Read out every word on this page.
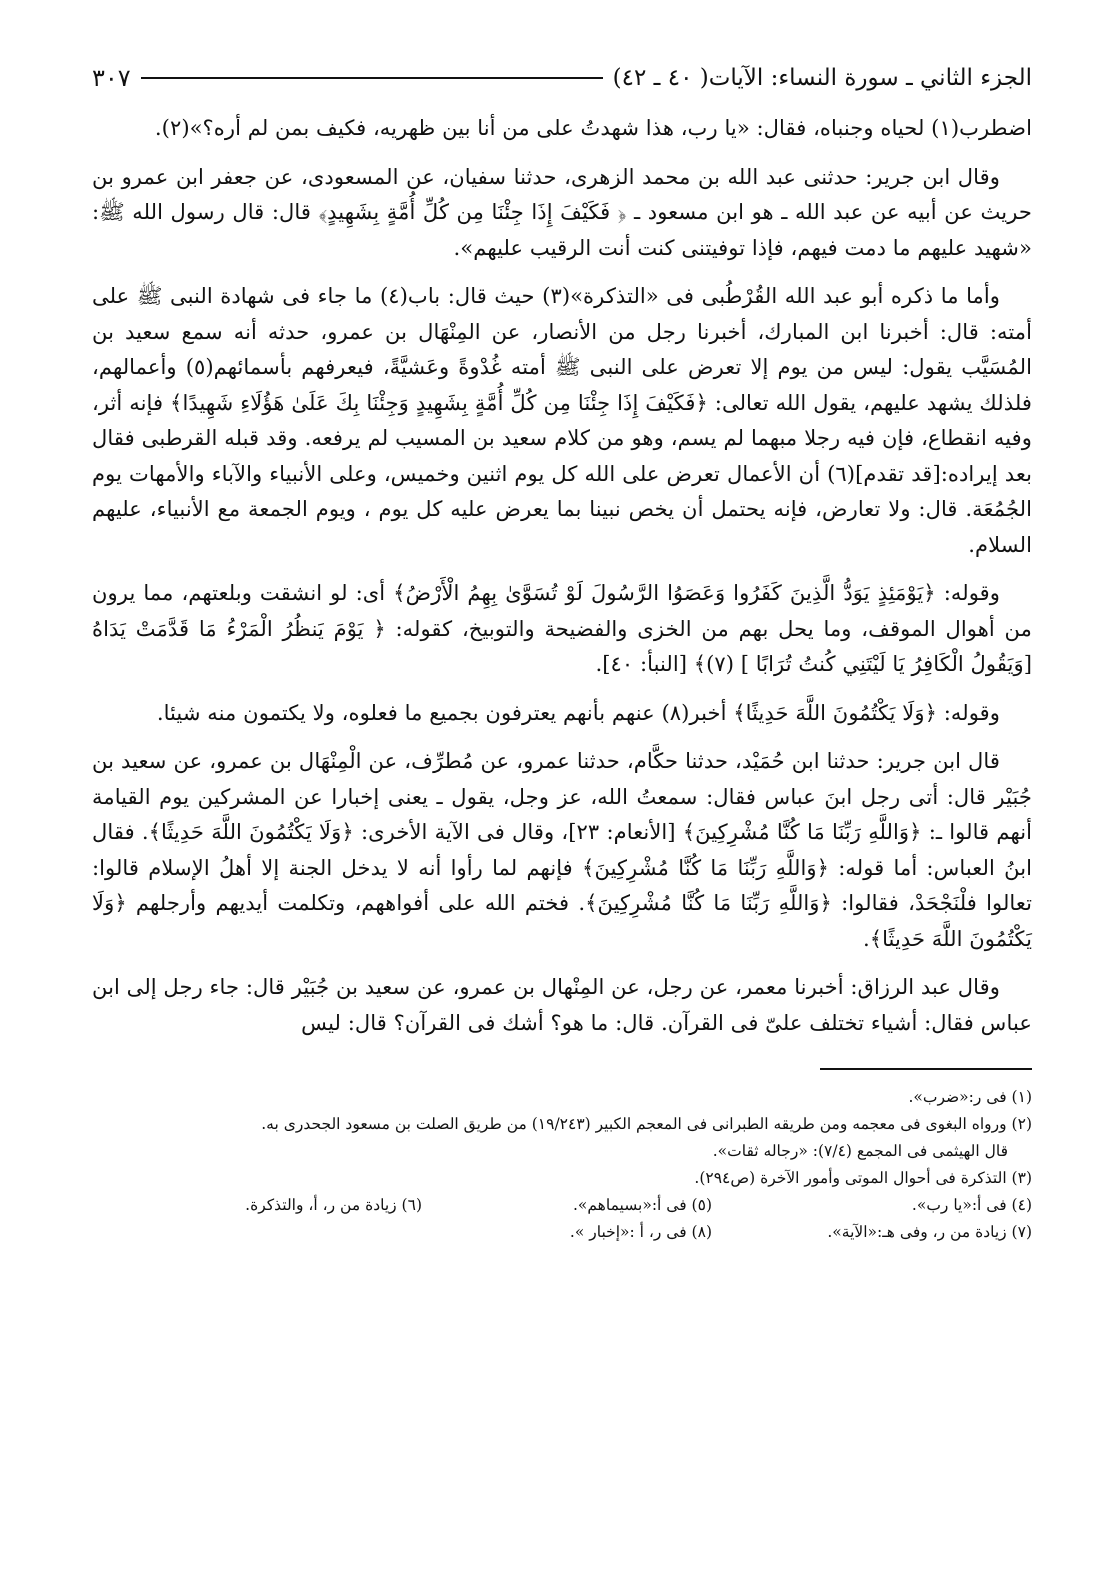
الجزء الثاني ـ سورة النساء: الآيات( ٤٠ ـ ٤٢)
٣٠٧

اضطرب(١) لحياه وجنباه، فقال: «يا رب، هذا شهدتُ على من أنا بين ظهريه، فكيف بمن لم أره؟»(٢).

وقال ابن جرير: حدثنى عبد الله بن محمد الزهرى، حدثنا سفيان، عن المسعودى، عن جعفر ابن عمرو بن حريث عن أبيه عن عبد الله ـ هو ابن مسعود ـ ﴿ فَكَيْفَ إِذَا جِئْنَا مِن كُلِّ أُمَّةٍ بِشَهِيدٍ﴾ قال: قال رسول الله ﷺ: «شهيد عليهم ما دمت فيهم، فإذا توفيتنى كنت أنت الرقيب عليهم».

وأما ما ذكره أبو عبد الله القُرْطُبى فى «التذكرة»(٣) حيث قال: باب(٤) ما جاء فى شهادة النبى ﷺ على أمته: قال: أخبرنا ابن المبارك، أخبرنا رجل من الأنصار، عن المِنْهَال بن عمرو، حدثه أنه سمع سعيد بن المُسَيَّب يقول: ليس من يوم إلا تعرض على النبى ﷺ أمته غُدْوةً وعَشيَّةً، فيعرفهم بأسمائهم(٥) وأعمالهم، فلذلك يشهد عليهم، يقول الله تعالى: ﴿فَكَيْفَ إِذَا جِئْنَا مِن كُلِّ أُمَّةٍ بِشَهِيدٍ وَجِئْنَا بِكَ عَلَىٰ هَؤُلَاءِ شَهِيدًا﴾ فإنه أثر، وفيه انقطاع، فإن فيه رجلا مبهما لم يسم، وهو من كلام سعيد بن المسيب لم يرفعه. وقد قبله القرطبى فقال بعد إيراده:[قد تقدم](٦) أن الأعمال تعرض على الله كل يوم اثنين وخميس، وعلى الأنبياء والآباء والأمهات يوم الجُمُعَة. قال: ولا تعارض، فإنه يحتمل أن يخص نبينا بما يعرض عليه كل يوم ، ويوم الجمعة مع الأنبياء، عليهم السلام.

وقوله: ﴿يَوْمَئِذٍ يَوَدُّ الَّذِينَ كَفَرُوا وَعَصَوُا الرَّسُولَ لَوْ تُسَوَّىٰ بِهِمُ الْأَرْضُ﴾ أى: لو انشقت وبلعتهم، مما يرون من أهوال الموقف، وما يحل بهم من الخزى والفضيحة والتوبيخ، كقوله: ﴿ يَوْمَ يَنظُرُ الْمَرْءُ مَا قَدَّمَتْ يَدَاهُ [وَيَقُولُ الْكَافِرُ يَا لَيْتَنِي كُنتُ تُرَابًا ] (٧)﴾ [النبأ: ٤٠].

وقوله: ﴿وَلَا يَكْتُمُونَ اللَّهَ حَدِيثًا﴾ أخبر(٨) عنهم بأنهم يعترفون بجميع ما فعلوه، ولا يكتمون منه شيئا.

قال ابن جرير: حدثنا ابن حُمَيْد، حدثنا حكَّام، حدثنا عمرو، عن مُطرِّف، عن الْمِنْهَال بن عمرو، عن سعيد بن جُبَيْر قال: أتى رجل ابنَ عباس فقال: سمعتُ الله، عز وجل، يقول ـ يعنى إخبارا عن المشركين يوم القيامة أنهم قالوا ـ: ﴿وَاللَّهِ رَبِّنَا مَا كُنَّا مُشْرِكِينَ﴾ [الأنعام: ٢٣]، وقال فى الآية الأخرى: ﴿وَلَا يَكْتُمُونَ اللَّهَ حَدِيثًا﴾. فقال ابنُ العباس: أما قوله: ﴿وَاللَّهِ رَبِّنَا مَا كُنَّا مُشْرِكِينَ﴾ فإنهم لما رأوا أنه لا يدخل الجنة إلا أهلُ الإسلام قالوا: تعالوا فلْنَجْحَدْ، فقالوا: ﴿وَاللَّهِ رَبِّنَا مَا كُنَّا مُشْرِكِينَ﴾. فختم الله على أفواههم، وتكلمت أيديهم وأرجلهم ﴿وَلَا يَكْتُمُونَ اللَّهَ حَدِيثًا﴾.

وقال عبد الرزاق: أخبرنا معمر، عن رجل، عن المِنْهال بن عمرو، عن سعيد بن جُبَيْر قال: جاء رجل إلى ابن عباس فقال: أشياء تختلف علىّ فى القرآن. قال: ما هو؟ أشك فى القرآن؟ قال: ليس

(١) فى ر:«ضرب».

(٢) ورواه البغوى فى معجمه ومن طريقه الطبرانى فى المعجم الكبير (١٩/٢٤٣) من طريق الصلت بن مسعود الجحدرى به.

قال الهيثمى فى المجمع (٧/٤): «رجاله ثقات».

(٣) التذكرة فى أحوال الموتى وأمور الآخرة (ص٢٩٤).

(٤) فى أ:«يا رب».
(٥) فى أ:«بسيماهم».
(٦) زيادة من ر، أ، والتذكرة.
(٧) زيادة من ر، وفى هـ:«الآية».
(٨) فى ر، أ :«إخبار ».
